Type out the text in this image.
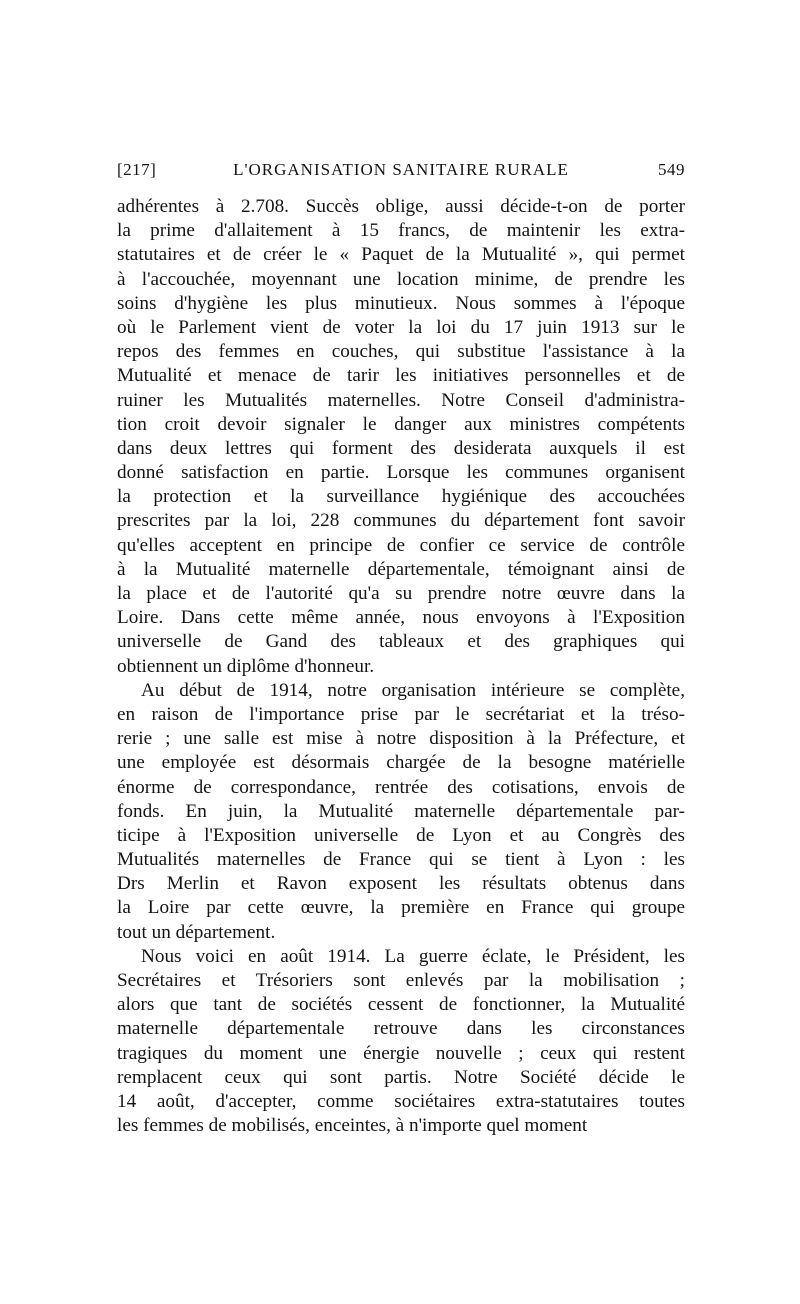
[217]	L'ORGANISATION SANITAIRE RURALE	549
adhérentes à 2.708. Succès oblige, aussi décide-t-on de porter
la prime d'allaitement à 15 francs, de maintenir les extra-
statutaires et de créer le « Paquet de la Mutualité », qui permet
à l'accouchée, moyennant une location minime, de prendre les
soins d'hygiène les plus minutieux. Nous sommes à l'époque
où le Parlement vient de voter la loi du 17 juin 1913 sur le
repos des femmes en couches, qui substitue l'assistance à la
Mutualité et menace de tarir les initiatives personnelles et de
ruiner les Mutualités maternelles. Notre Conseil d'administra-
tion croit devoir signaler le danger aux ministres compétents
dans deux lettres qui forment des desiderata auxquels il est
donné satisfaction en partie. Lorsque les communes organisent
la protection et la surveillance hygiénique des accouchées
prescrites par la loi, 228 communes du département font savoir
qu'elles acceptent en principe de confier ce service de contrôle
à la Mutualité maternelle départementale, témoignant ainsi de
la place et de l'autorité qu'a su prendre notre œuvre dans la
Loire. Dans cette même année, nous envoyons à l'Exposition
universelle de Gand des tableaux et des graphiques qui
obtiennent un diplôme d'honneur.
Au début de 1914, notre organisation intérieure se complète,
en raison de l'importance prise par le secrétariat et la tréso-
rerie ; une salle est mise à notre disposition à la Préfecture, et
une employée est désormais chargée de la besogne matérielle
énorme de correspondance, rentrée des cotisations, envois de
fonds. En juin, la Mutualité maternelle départementale par-
ticipe à l'Exposition universelle de Lyon et au Congrès des
Mutualités maternelles de France qui se tient à Lyon : les
Drs Merlin et Ravon exposent les résultats obtenus dans
la Loire par cette œuvre, la première en France qui groupe
tout un département.
Nous voici en août 1914. La guerre éclate, le Président, les
Secrétaires et Trésoriers sont enlevés par la mobilisation ;
alors que tant de sociétés cessent de fonctionner, la Mutualité
maternelle départementale retrouve dans les circonstances
tragiques du moment une énergie nouvelle ; ceux qui restent
remplacent ceux qui sont partis. Notre Société décide le
14 août, d'accepter, comme sociétaires extra-statutaires toutes
les femmes de mobilisés, enceintes, à n'importe quel moment
